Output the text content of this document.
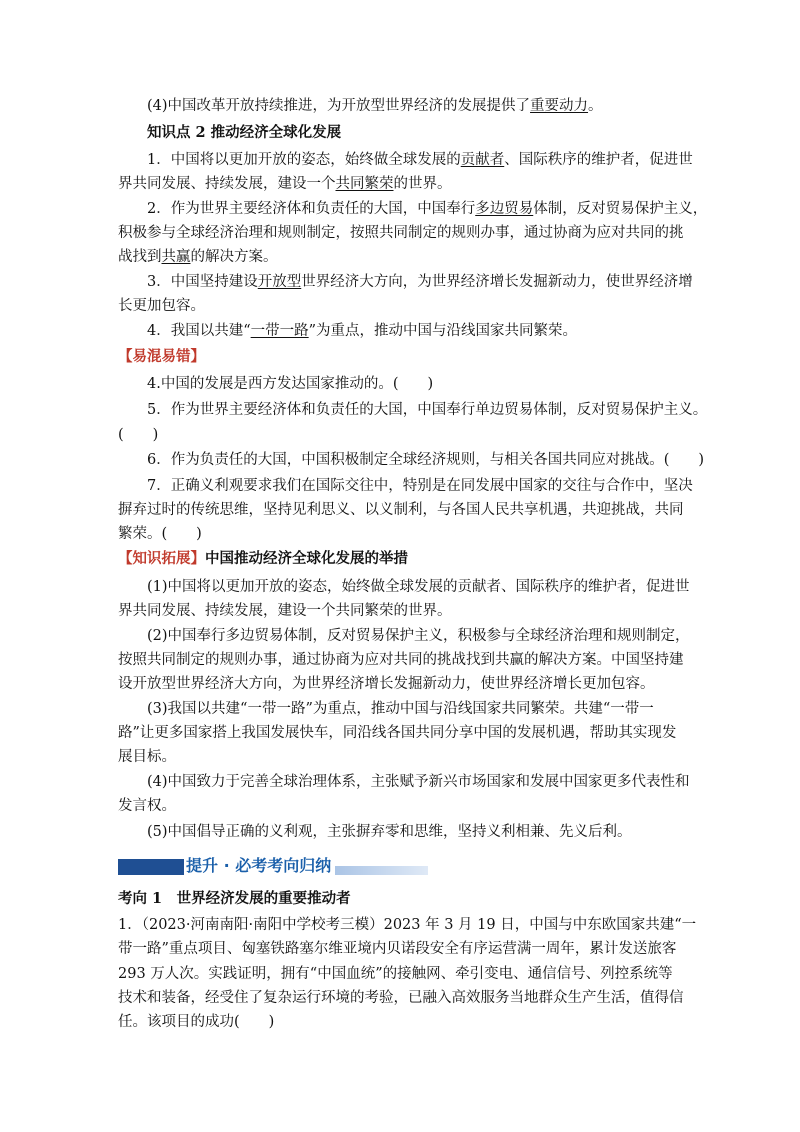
(4)中国改革开放持续推进，为开放型世界经济的发展提供了重要动力。
知识点 2 推动经济全球化发展
1．中国将以更加开放的姿态，始终做全球发展的贡献者、国际秩序的维护者，促进世
界共同发展、持续发展，建设一个共同繁荣的世界。
2．作为世界主要经济体和负责任的大国，中国奉行多边贸易体制，反对贸易保护主义，
积极参与全球经济治理和规则制定，按照共同制定的规则办事，通过协商为应对共同的挑
战找到共赢的解决方案。
3．中国坚持建设开放型世界经济大方向，为世界经济增长发掘新动力，使世界经济增
长更加包容。
4．我国以共建“一带一路”为重点，推动中国与沿线国家共同繁荣。
【易混易错】
4.中国的发展是西方发达国家推动的。(　　)
5．作为世界主要经济体和负责任的大国，中国奉行单边贸易体制，反对贸易保护主义。
(　　)
6．作为负责任的大国，中国积极制定全球经济规则，与相关各国共同应对挑战。(　　)
7．正确义利观要求我们在国际交往中，特别是在同发展中国家的交往与合作中，坚决
摒弃过时的传统思维，坚持见利思义、以义制利，与各国人民共享机遇，共迎挑战，共同
繁荣。(　　)
【知识拓展】中国推动经济全球化发展的举措
(1)中国将以更加开放的姿态，始终做全球发展的贡献者、国际秩序的维护者，促进世
界共同发展、持续发展，建设一个共同繁荣的世界。
(2)中国奉行多边贸易体制，反对贸易保护主义，积极参与全球经济治理和规则制定，
按照共同制定的规则办事，通过协商为应对共同的挑战找到共赢的解决方案。中国坚持建
设开放型世界经济大方向，为世界经济增长发掘新动力，使世界经济增长更加包容。
(3)我国以共建“一带一路”为重点，推动中国与沿线国家共同繁荣。共建“一带一
路”让更多国家搭上我国发展快车，同沿线各国共同分享中国的发展机遇，帮助其实现发
展目标。
(4)中国致力于完善全球治理体系，主张赋予新兴市场国家和发展中国家更多代表性和
发言权。
(5)中国倡导正确的义利观，主张摒弃零和思维，坚持义利相兼、先义后利。
提升 · 必考考向归纳
考向 1　世界经济发展的重要推动者
1．（2023·河南南阳·南阳中学校考三模）2023 年 3 月 19 日，中国与中东欧国家共建“一
带一路”重点项目、匈塞铁路塞尔维亚境内贝诺段安全有序运营满一周年，累计发送旅客
293 万人次。实践证明，拥有“中国血统”的接触网、牵引变电、通信信号、列控系统等
技术和装备，经受住了复杂运行环境的考验，已融入高效服务当地群众生产生活，值得信
任。该项目的成功(　　)
